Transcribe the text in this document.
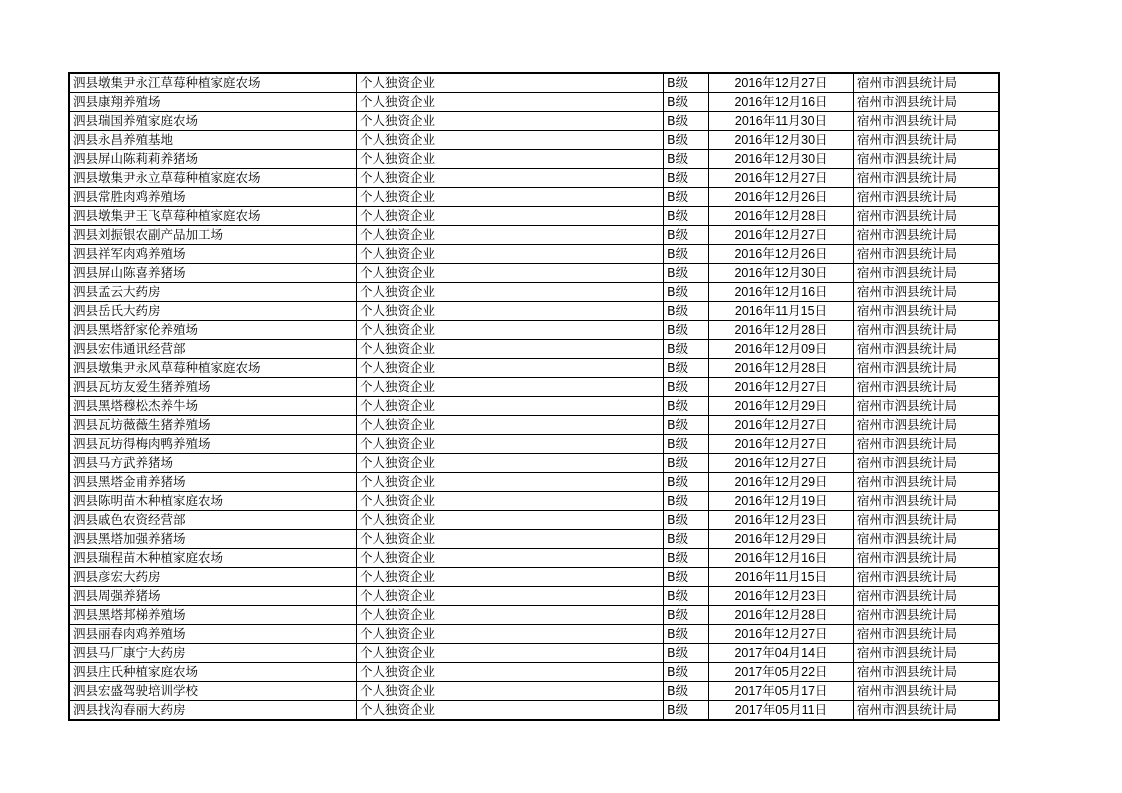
泗县墩集尹永江草莓种植家庭农场	个人独资企业	B级	2016年12月27日	宿州市泗县统计局
泗县康翔养殖场	个人独资企业	B级	2016年12月16日	宿州市泗县统计局
泗县瑞国养殖家庭农场	个人独资企业	B级	2016年11月30日	宿州市泗县统计局
泗县永昌养殖基地	个人独资企业	B级	2016年12月30日	宿州市泗县统计局
泗县屏山陈莉莉养猪场	个人独资企业	B级	2016年12月30日	宿州市泗县统计局
泗县墩集尹永立草莓种植家庭农场	个人独资企业	B级	2016年12月27日	宿州市泗县统计局
泗县常胜肉鸡养殖场	个人独资企业	B级	2016年12月26日	宿州市泗县统计局
泗县墩集尹王飞草莓种植家庭农场	个人独资企业	B级	2016年12月28日	宿州市泗县统计局
泗县刘振银农副产品加工场	个人独资企业	B级	2016年12月27日	宿州市泗县统计局
泗县祥军肉鸡养殖场	个人独资企业	B级	2016年12月26日	宿州市泗县统计局
泗县屏山陈喜养猪场	个人独资企业	B级	2016年12月30日	宿州市泗县统计局
泗县孟云大药房	个人独资企业	B级	2016年12月16日	宿州市泗县统计局
泗县岳氏大药房	个人独资企业	B级	2016年11月15日	宿州市泗县统计局
泗县黑塔舒家伦养殖场	个人独资企业	B级	2016年12月28日	宿州市泗县统计局
泗县宏伟通讯经营部	个人独资企业	B级	2016年12月09日	宿州市泗县统计局
泗县墩集尹永风草莓种植家庭农场	个人独资企业	B级	2016年12月28日	宿州市泗县统计局
泗县瓦坊友爱生猪养殖场	个人独资企业	B级	2016年12月27日	宿州市泗县统计局
泗县黑塔穆松杰养牛场	个人独资企业	B级	2016年12月29日	宿州市泗县统计局
泗县瓦坊薇薇生猪养殖场	个人独资企业	B级	2016年12月27日	宿州市泗县统计局
泗县瓦坊得梅肉鸭养殖场	个人独资企业	B级	2016年12月27日	宿州市泗县统计局
泗县马方武养猪场	个人独资企业	B级	2016年12月27日	宿州市泗县统计局
泗县黑塔金甫养猪场	个人独资企业	B级	2016年12月29日	宿州市泗县统计局
泗县陈明苗木种植家庭农场	个人独资企业	B级	2016年12月19日	宿州市泗县统计局
泗县戚色农资经营部	个人独资企业	B级	2016年12月23日	宿州市泗县统计局
泗县黑塔加强养猪场	个人独资企业	B级	2016年12月29日	宿州市泗县统计局
泗县瑞程苗木种植家庭农场	个人独资企业	B级	2016年12月16日	宿州市泗县统计局
泗县彦宏大药房	个人独资企业	B级	2016年11月15日	宿州市泗县统计局
泗县周强养猪场	个人独资企业	B级	2016年12月23日	宿州市泗县统计局
泗县黑塔邦梯养殖场	个人独资企业	B级	2016年12月28日	宿州市泗县统计局
泗县丽春肉鸡养殖场	个人独资企业	B级	2016年12月27日	宿州市泗县统计局
泗县马厂康宁大药房	个人独资企业	B级	2017年04月14日	宿州市泗县统计局
泗县庄氏种植家庭农场	个人独资企业	B级	2017年05月22日	宿州市泗县统计局
泗县宏盛驾驶培训学校	个人独资企业	B级	2017年05月17日	宿州市泗县统计局
泗县找沟春丽大药房	个人独资企业	B级	2017年05月11日	宿州市泗县统计局
